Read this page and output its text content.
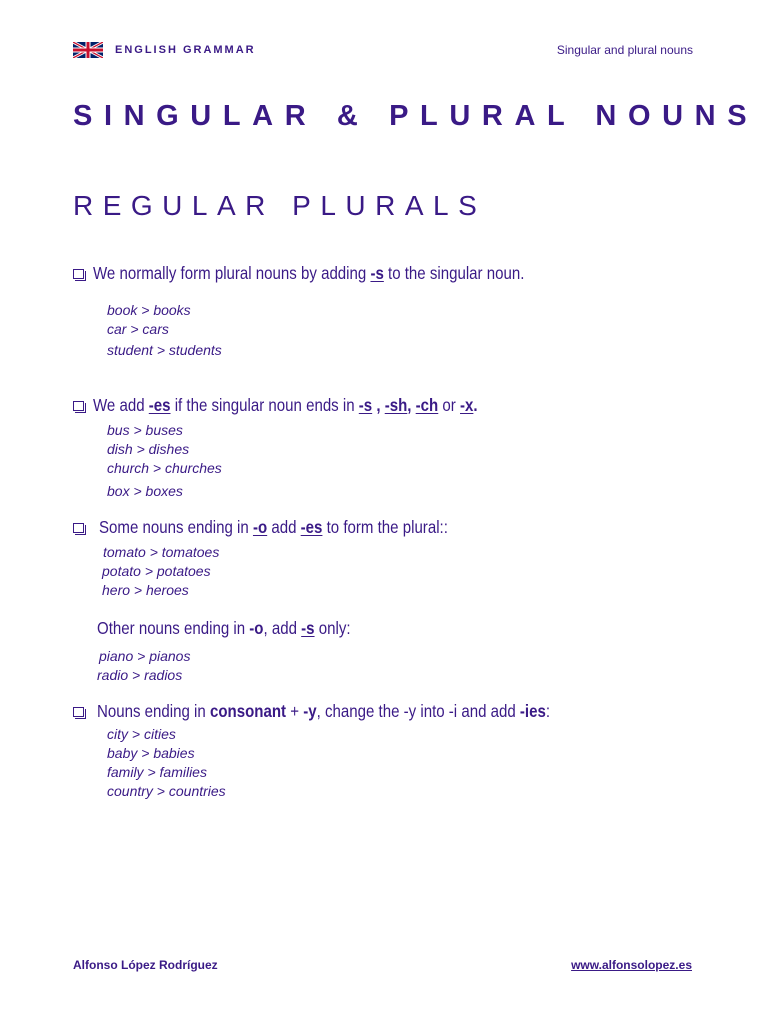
ENGLISH GRAMMAR	Singular and plural nouns
SINGULAR & PLURAL NOUNS
REGULAR PLURALS
We normally form plural nouns by adding -s to the singular noun.
book > books
car > cars
student > students
We add -es if the singular noun ends in -s , -sh, -ch or -x.
bus > buses
dish > dishes
church > churches
box > boxes
Some nouns ending in -o add -es to form the plural::
tomato > tomatoes
potato > potatoes
hero > heroes
Other nouns ending in -o, add -s only:
piano > pianos
radio > radios
Nouns ending in consonant + -y, change the -y into -i and add -ies:
city > cities
baby > babies
family > families
country > countries
Alfonso López Rodríguez	www.alfonsolopez.es
